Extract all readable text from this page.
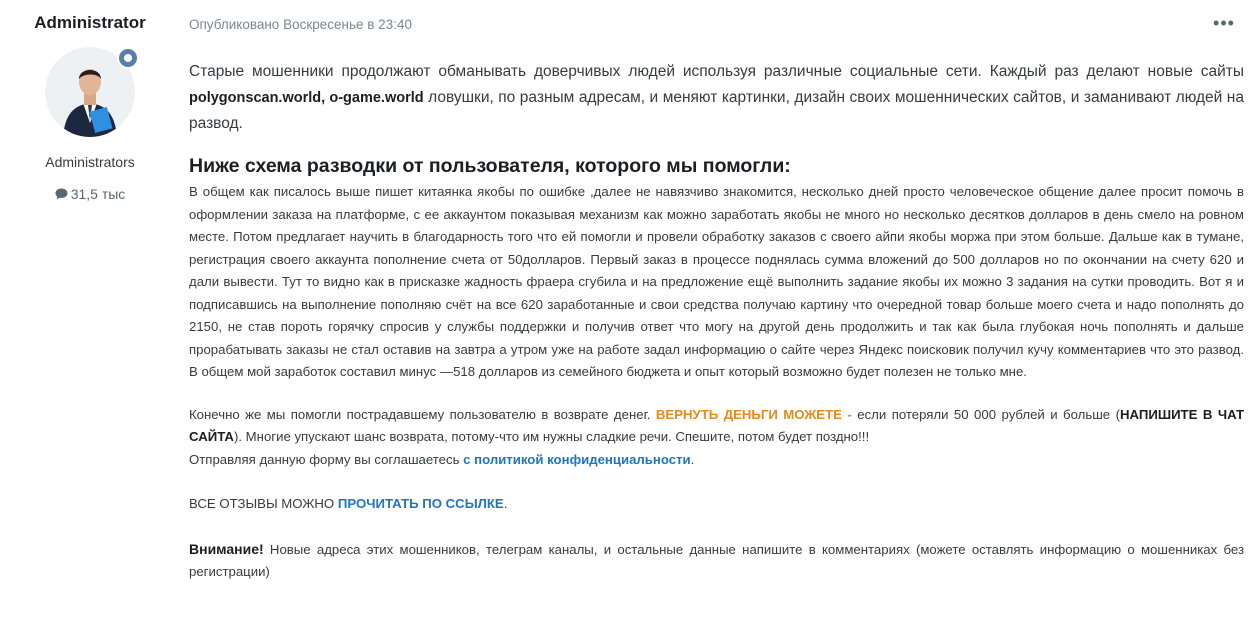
Administrator
Administrators
31,5 тыс
Опубликовано Воскресенье в 23:40	•••

Старые мошенники продолжают обманывать доверчивых людей используя различные социальные сети. Каждый раз делают новые сайты polygonscan.world, o-game.world ловушки, по разным адресам, и меняют картинки, дизайн своих мошеннических сайтов, и заманивают людей на развод.

Ниже схема разводки от пользователя, которого мы помогли:

В общем как писалось выше пишет китаянка якобы по ошибке ,далее не навязчиво знакомится, несколько дней просто человеческое общение далее просит помочь в оформлении заказа на платформе, с ее аккаунтом показывая механизм как можно заработать якобы не много но несколько десятков долларов в день смело на ровном месте. Потом предлагает научить в благодарность того что ей помогли и провели обработку заказов с своего айпи якобы моржа при этом больше. Дальше как в тумане, регистрация своего аккаунта пополнение счета от 50долларов. Первый заказ в процессе поднялась сумма вложений до 500 долларов но по окончании на счету 620 и дали вывести. Тут то видно как в приcказке жадность фраера сгубила и на предложение ещё выполнить задание якобы их можно 3 задания на сутки проводить. Вот я и подписавшись на выполнение пополняю счёт на все 620 заработанные и свои средства получаю картину что очередной товар больше моего счета и надо пополнять до 2150, не став пороть горячку спросив у службы поддержки и получив ответ что могу на другой день продолжить и так как была глубокая ночь пополнять и дальше прорабатывать заказы не стал оставив на завтра а утром уже на работе задал информацию о сайте через Яндекс поисковик получил кучу комментариев что это развод. В общем мой заработок составил минус —518 долларов из семейного бюджета и опыт который возможно будет полезен не только мне.

Конечно же мы помогли пострадавшему пользователю в возврате денег. ВЕРНУТЬ ДЕНЬГИ МОЖЕТЕ - если потеряли 50 000 рублей и больше (НАПИШИТЕ В ЧАТ САЙТА). Многие упускают шанс возврата, потому-что им нужны сладкие речи. Спешите, потом будет поздно!!!
Отправляя данную форму вы соглашаетесь с политикой конфиденциальности.

ВСЕ ОТЗЫВЫ МОЖНО ПРОЧИТАТЬ ПО ССЫЛКЕ.

Внимание! Новые адреса этих мошенников, телеграм каналы, и остальные данные напишите в комментариях (можете оставлять информацию о мошенниках без регистрации)
